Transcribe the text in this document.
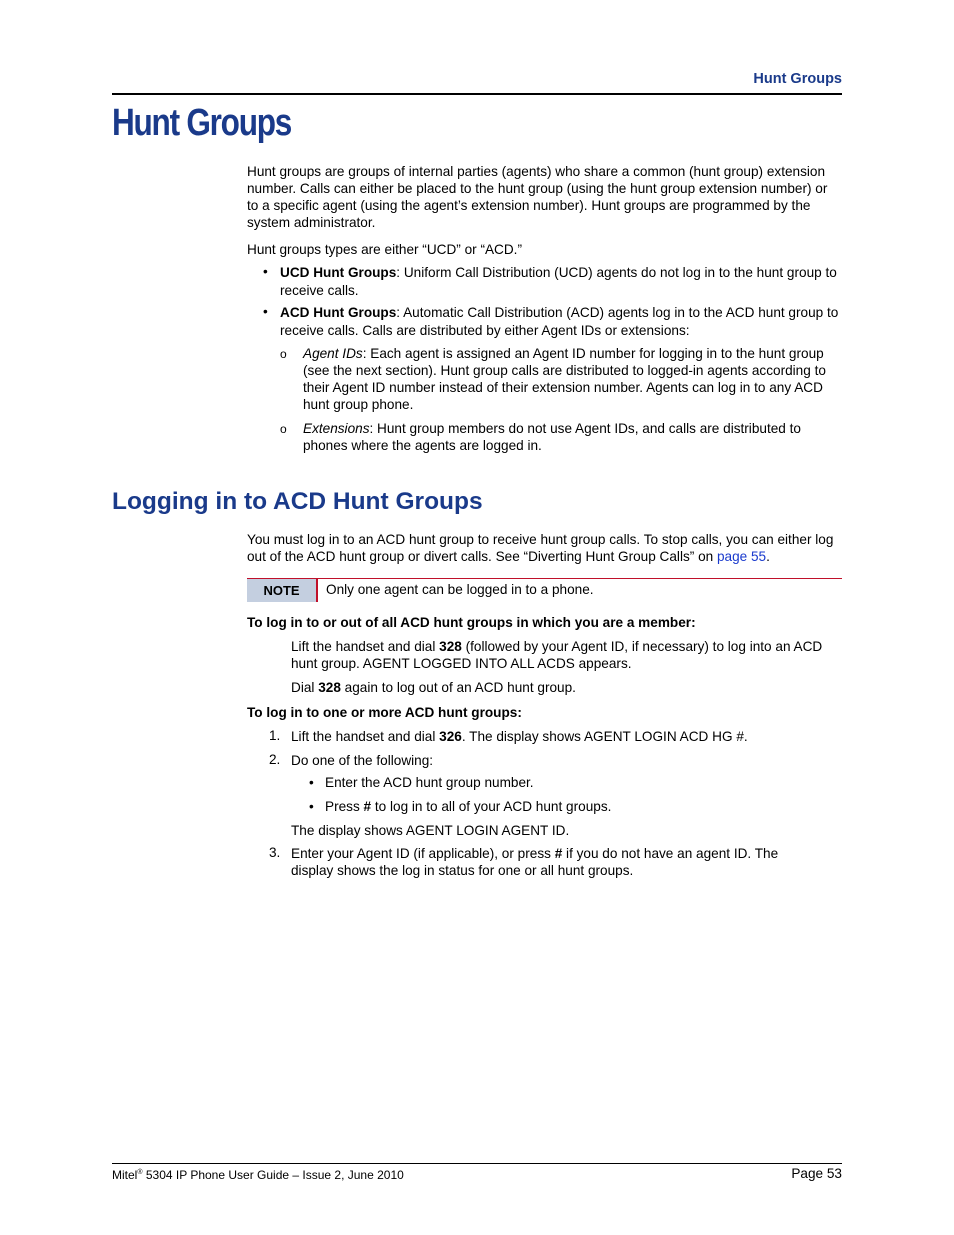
Hunt Groups
Hunt Groups

Hunt groups are groups of internal parties (agents) who share a common (hunt group) extension number. Calls can either be placed to the hunt group (using the hunt group extension number) or to a specific agent (using the agent’s extension number). Hunt groups are programmed by the system administrator.

Hunt groups types are either “UCD” or “ACD.”

• UCD Hunt Groups: Uniform Call Distribution (UCD) agents do not log in to the hunt group to receive calls.
• ACD Hunt Groups: Automatic Call Distribution (ACD) agents log in to the ACD hunt group to receive calls. Calls are distributed by either Agent IDs or extensions:
o Agent IDs: Each agent is assigned an Agent ID number for logging in to the hunt group (see the next section). Hunt group calls are distributed to logged-in agents according to their Agent ID number instead of their extension number. Agents can log in to any ACD hunt group phone.
o Extensions: Hunt group members do not use Agent IDs, and calls are distributed to phones where the agents are logged in.
Logging in to ACD Hunt Groups

You must log in to an ACD hunt group to receive hunt group calls. To stop calls, you can either log out of the ACD hunt group or divert calls. See “Diverting Hunt Group Calls” on page 55.

NOTE	Only one agent can be logged in to a phone.
To log in to or out of all ACD hunt groups in which you are a member:
Lift the handset and dial 328 (followed by your Agent ID, if necessary) to log into an ACD hunt group. AGENT LOGGED INTO ALL ACDS appears.
Dial 328 again to log out of an ACD hunt group.
To log in to one or more ACD hunt groups:
1. Lift the handset and dial 326. The display shows AGENT LOGIN ACD HG #.
2. Do one of the following:
• Enter the ACD hunt group number.
• Press # to log in to all of your ACD hunt groups.
The display shows AGENT LOGIN AGENT ID.
3. Enter your Agent ID (if applicable), or press # if you do not have an agent ID. The display shows the log in status for one or all hunt groups.
Mitel® 5304 IP Phone User Guide – Issue 2, June 2010	Page 53
